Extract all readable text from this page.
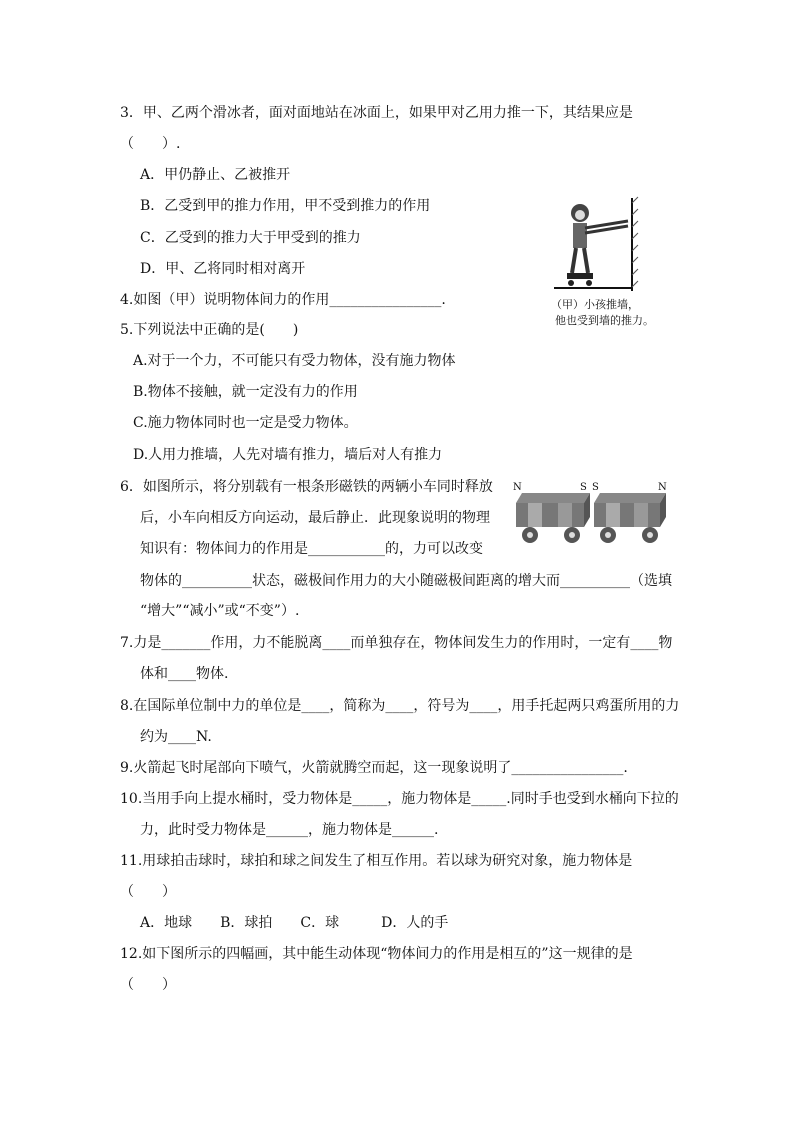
3．甲、乙两个滑冰者，面对面地站在冰面上，如果甲对乙用力推一下，其结果应是
（　　）.
A．甲仍静止、乙被推开
B．乙受到甲的推力作用，甲不受到推力的作用
C．乙受到的推力大于甲受到的推力
D．甲、乙将同时相对离开
（甲）小孩推墙，
他也受到墙的推力。
4.如图（甲）说明物体间力的作用________________.
5.下列说法中正确的是(　　)
A.对于一个力，不可能只有受力物体，没有施力物体
B.物体不接触，就一定没有力的作用
C.施力物体同时也一定是受力物体。
D.人用力推墙，人先对墙有推力，墙后对人有推力
6．如图所示，将分别载有一根条形磁铁的两辆小车同时释放
后，小车向相反方向运动，最后静止．此现象说明的物理
知识有：物体间力的作用是___________的，力可以改变
物体的__________状态，磁极间作用力的大小随磁极间距离的增大而__________（选填
“增大”“减小”或“不变”）.
N	S S	N
7.力是_______作用，力不能脱离____而单独存在，物体间发生力的作用时，一定有____物
体和____物体.
8.在国际单位制中力的单位是____，简称为____，符号为____，用手托起两只鸡蛋所用的力
约为____N.
9.火箭起飞时尾部向下喷气，火箭就腾空而起，这一现象说明了________________.
10.当用手向上提水桶时，受力物体是_____，施力物体是_____.同时手也受到水桶向下拉的
力，此时受力物体是______，施力物体是______.
11.用球拍击球时，球拍和球之间发生了相互作用。若以球为研究对象，施力物体是
（　　）
A．地球　　B．球拍　　C．球　　　D．人的手
12.如下图所示的四幅画，其中能生动体现“物体间力的作用是相互的”这一规律的是
（　　）
